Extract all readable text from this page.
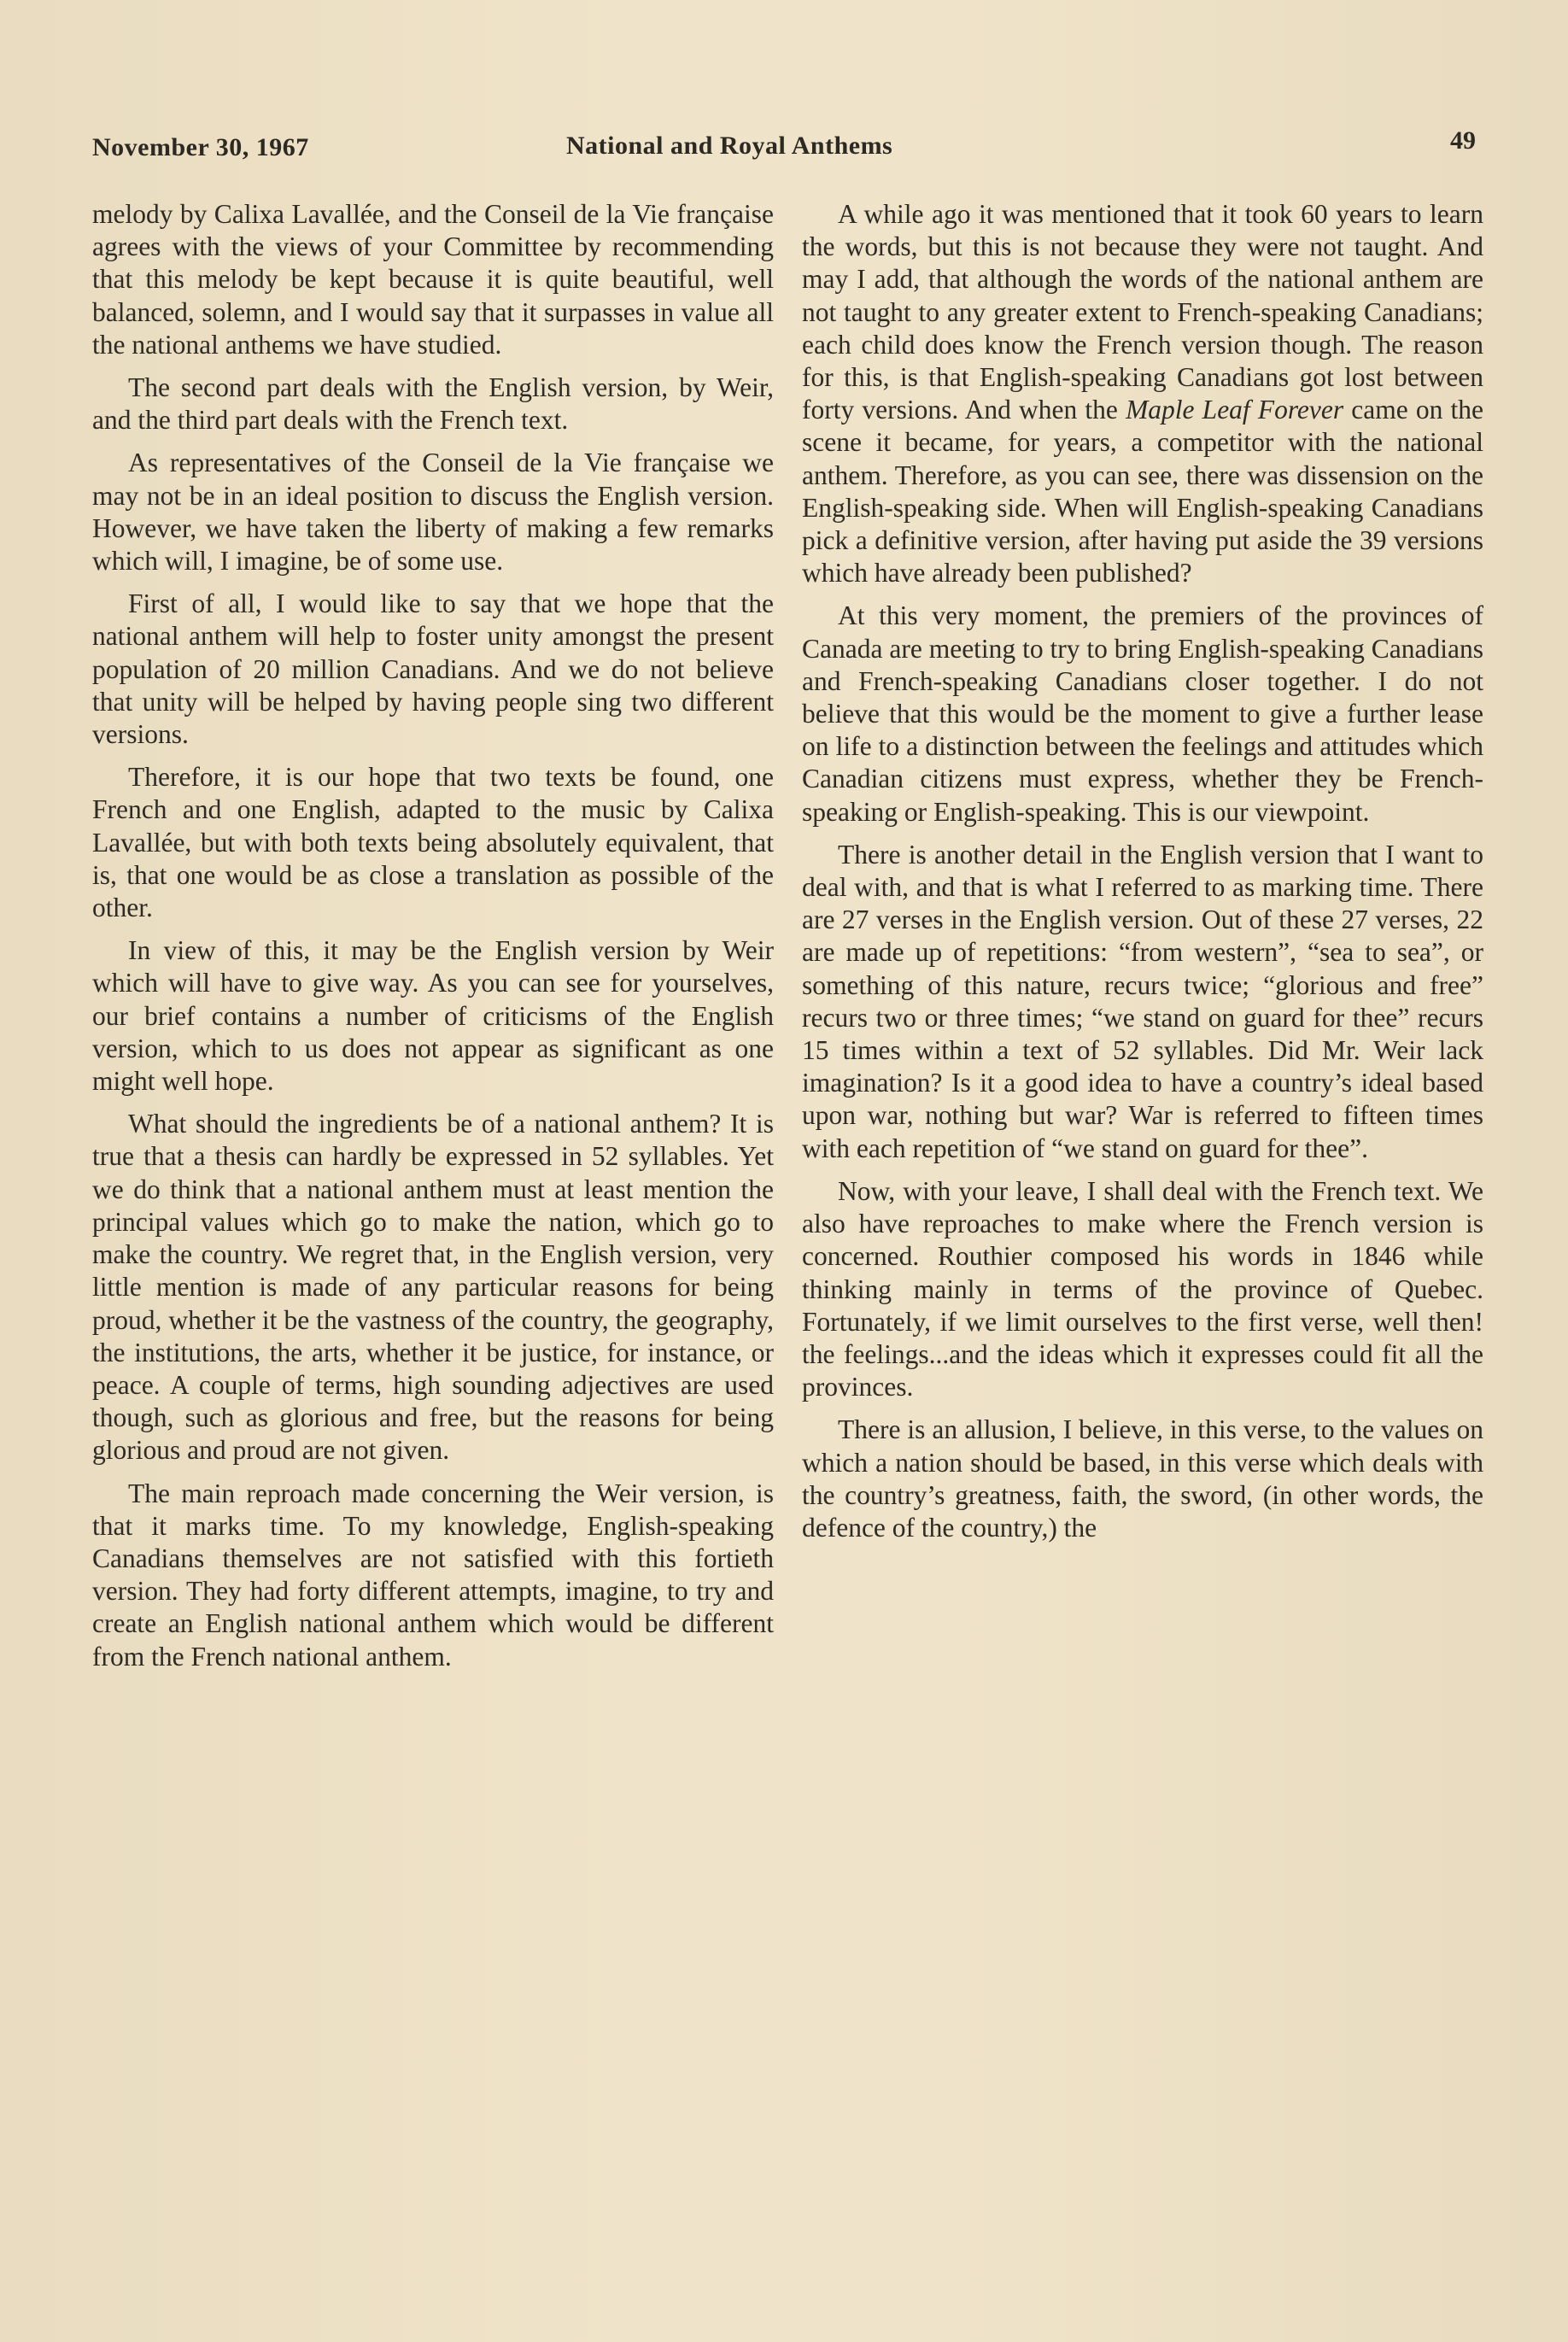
November 30, 1967	National and Royal Anthems	49

melody by Calixa Lavallée, and the Conseil de la Vie française agrees with the views of your Committee by recommending that this melody be kept because it is quite beautiful, well balanced, solemn, and I would say that it surpasses in value all the national anthems we have studied.

The second part deals with the English version, by Weir, and the third part deals with the French text.

As representatives of the Conseil de la Vie française we may not be in an ideal position to discuss the English version. However, we have taken the liberty of making a few remarks which will, I imagine, be of some use.

First of all, I would like to say that we hope that the national anthem will help to foster unity amongst the present population of 20 million Canadians. And we do not believe that unity will be helped by having people sing two different versions.

Therefore, it is our hope that two texts be found, one French and one English, adapted to the music by Calixa Lavallée, but with both texts being absolutely equivalent, that is, that one would be as close a translation as possible of the other.

In view of this, it may be the English version by Weir which will have to give way. As you can see for yourselves, our brief contains a number of criticisms of the English version, which to us does not appear as significant as one might well hope.

What should the ingredients be of a national anthem? It is true that a thesis can hardly be expressed in 52 syllables. Yet we do think that a national anthem must at least mention the principal values which go to make the nation, which go to make the country. We regret that, in the English version, very little mention is made of any particular reasons for being proud, whether it be the vastness of the country, the geography, the institutions, the arts, whether it be justice, for instance, or peace. A couple of terms, high sounding adjectives are used though, such as glorious and free, but the reasons for being glorious and proud are not given.

The main reproach made concerning the Weir version, is that it marks time. To my knowledge, English-speaking Canadians themselves are not satisfied with this fortieth version. They had forty different attempts, imagine, to try and create an English national anthem which would be different from the French national anthem.

A while ago it was mentioned that it took 60 years to learn the words, but this is not because they were not taught. And may I add, that although the words of the national anthem are not taught to any greater extent to French-speaking Canadians; each child does know the French version though. The reason for this, is that English-speaking Canadians got lost between forty versions. And when the Maple Leaf Forever came on the scene it became, for years, a competitor with the national anthem. Therefore, as you can see, there was dissension on the English-speaking side. When will English-speaking Canadians pick a definitive version, after having put aside the 39 versions which have already been published?

At this very moment, the premiers of the provinces of Canada are meeting to try to bring English-speaking Canadians and French-speaking Canadians closer together. I do not believe that this would be the moment to give a further lease on life to a distinction between the feelings and attitudes which Canadian citizens must express, whether they be French-speaking or English-speaking. This is our viewpoint.

There is another detail in the English version that I want to deal with, and that is what I referred to as marking time. There are 27 verses in the English version. Out of these 27 verses, 22 are made up of repetitions: “from western”, “sea to sea”, or something of this nature, recurs twice; “glorious and free” recurs two or three times; “we stand on guard for thee” recurs 15 times within a text of 52 syllables. Did Mr. Weir lack imagination? Is it a good idea to have a country’s ideal based upon war, nothing but war? War is referred to fifteen times with each repetition of “we stand on guard for thee”.

Now, with your leave, I shall deal with the French text. We also have reproaches to make where the French version is concerned. Routhier composed his words in 1846 while thinking mainly in terms of the province of Quebec. Fortunately, if we limit ourselves to the first verse, well then! the feelings...and the ideas which it expresses could fit all the provinces.

There is an allusion, I believe, in this verse, to the values on which a nation should be based, in this verse which deals with the country’s greatness, faith, the sword, (in other words, the defence of the country,) the
